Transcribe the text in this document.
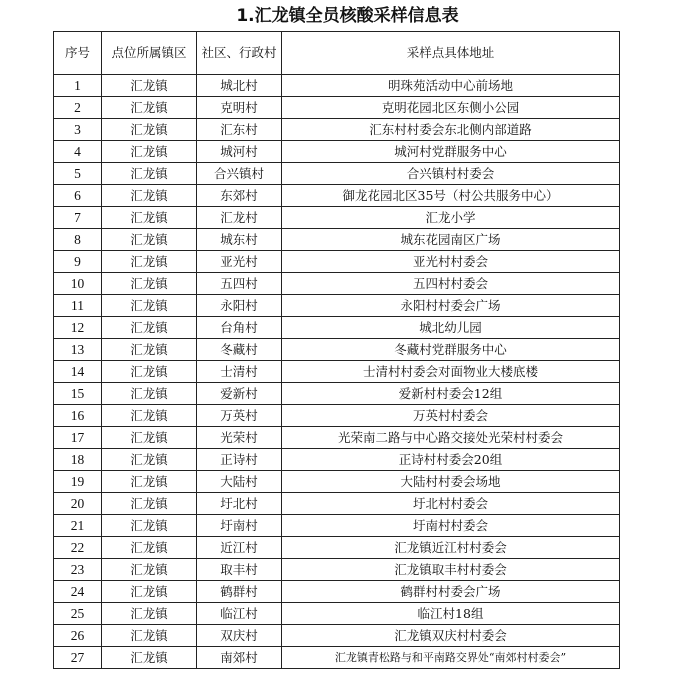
1.汇龙镇全员核酸采样信息表
序号	点位所属镇区	社区、行政村	采样点具体地址
1	汇龙镇	城北村	明珠苑活动中心前场地
2	汇龙镇	克明村	克明花园北区东侧小公园
3	汇龙镇	汇东村	汇东村村委会东北侧内部道路
4	汇龙镇	城河村	城河村党群服务中心
5	汇龙镇	合兴镇村	合兴镇村村委会
6	汇龙镇	东郊村	御龙花园北区35号（村公共服务中心）
7	汇龙镇	汇龙村	汇龙小学
8	汇龙镇	城东村	城东花园南区广场
9	汇龙镇	亚光村	亚光村村委会
10	汇龙镇	五四村	五四村村委会
11	汇龙镇	永阳村	永阳村村委会广场
12	汇龙镇	台角村	城北幼儿园
13	汇龙镇	冬藏村	冬藏村党群服务中心
14	汇龙镇	士清村	士清村村委会对面物业大楼底楼
15	汇龙镇	爱新村	爱新村村委会12组
16	汇龙镇	万英村	万英村村委会
17	汇龙镇	光荣村	光荣南二路与中心路交接处光荣村村委会
18	汇龙镇	正诗村	正诗村村委会20组
19	汇龙镇	大陆村	大陆村村委会场地
20	汇龙镇	圩北村	圩北村村委会
21	汇龙镇	圩南村	圩南村村委会
22	汇龙镇	近江村	汇龙镇近江村村委会
23	汇龙镇	取丰村	汇龙镇取丰村村委会
24	汇龙镇	鹤群村	鹤群村村委会广场
25	汇龙镇	临江村	临江村18组
26	汇龙镇	双庆村	汇龙镇双庆村村委会
27	汇龙镇	南郊村	汇龙镇青松路与和平南路交界处“南郊村村委会”
